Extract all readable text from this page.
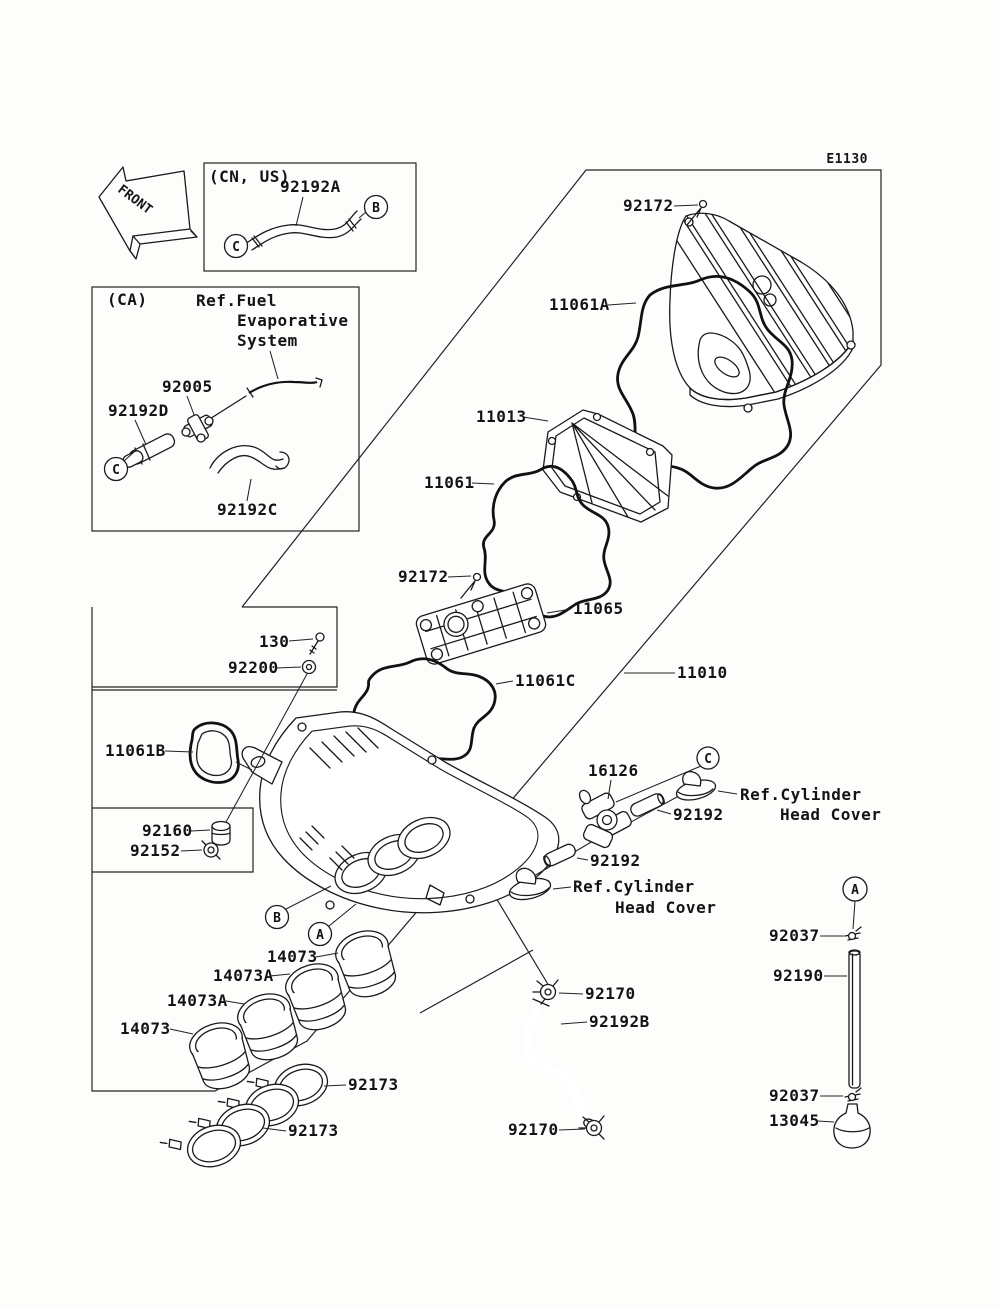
FRONT
(CN, US)
92192A
B
C
(CA)	Ref.Fuel
Evaporative
System
92005
92192D
92192C
C
E1130
A
B
A
C
92172
11061A
11013
11061
92172
11065
130
92200
11061C	11010
11061B
92160
92152
16126
92192
Ref.Cylinder
Head Cover
92192
Ref.Cylinder
Head Cover
14073
14073A
14073A
14073
92173
92173
92170
92192B
92170
92037
92190
92037
13045
